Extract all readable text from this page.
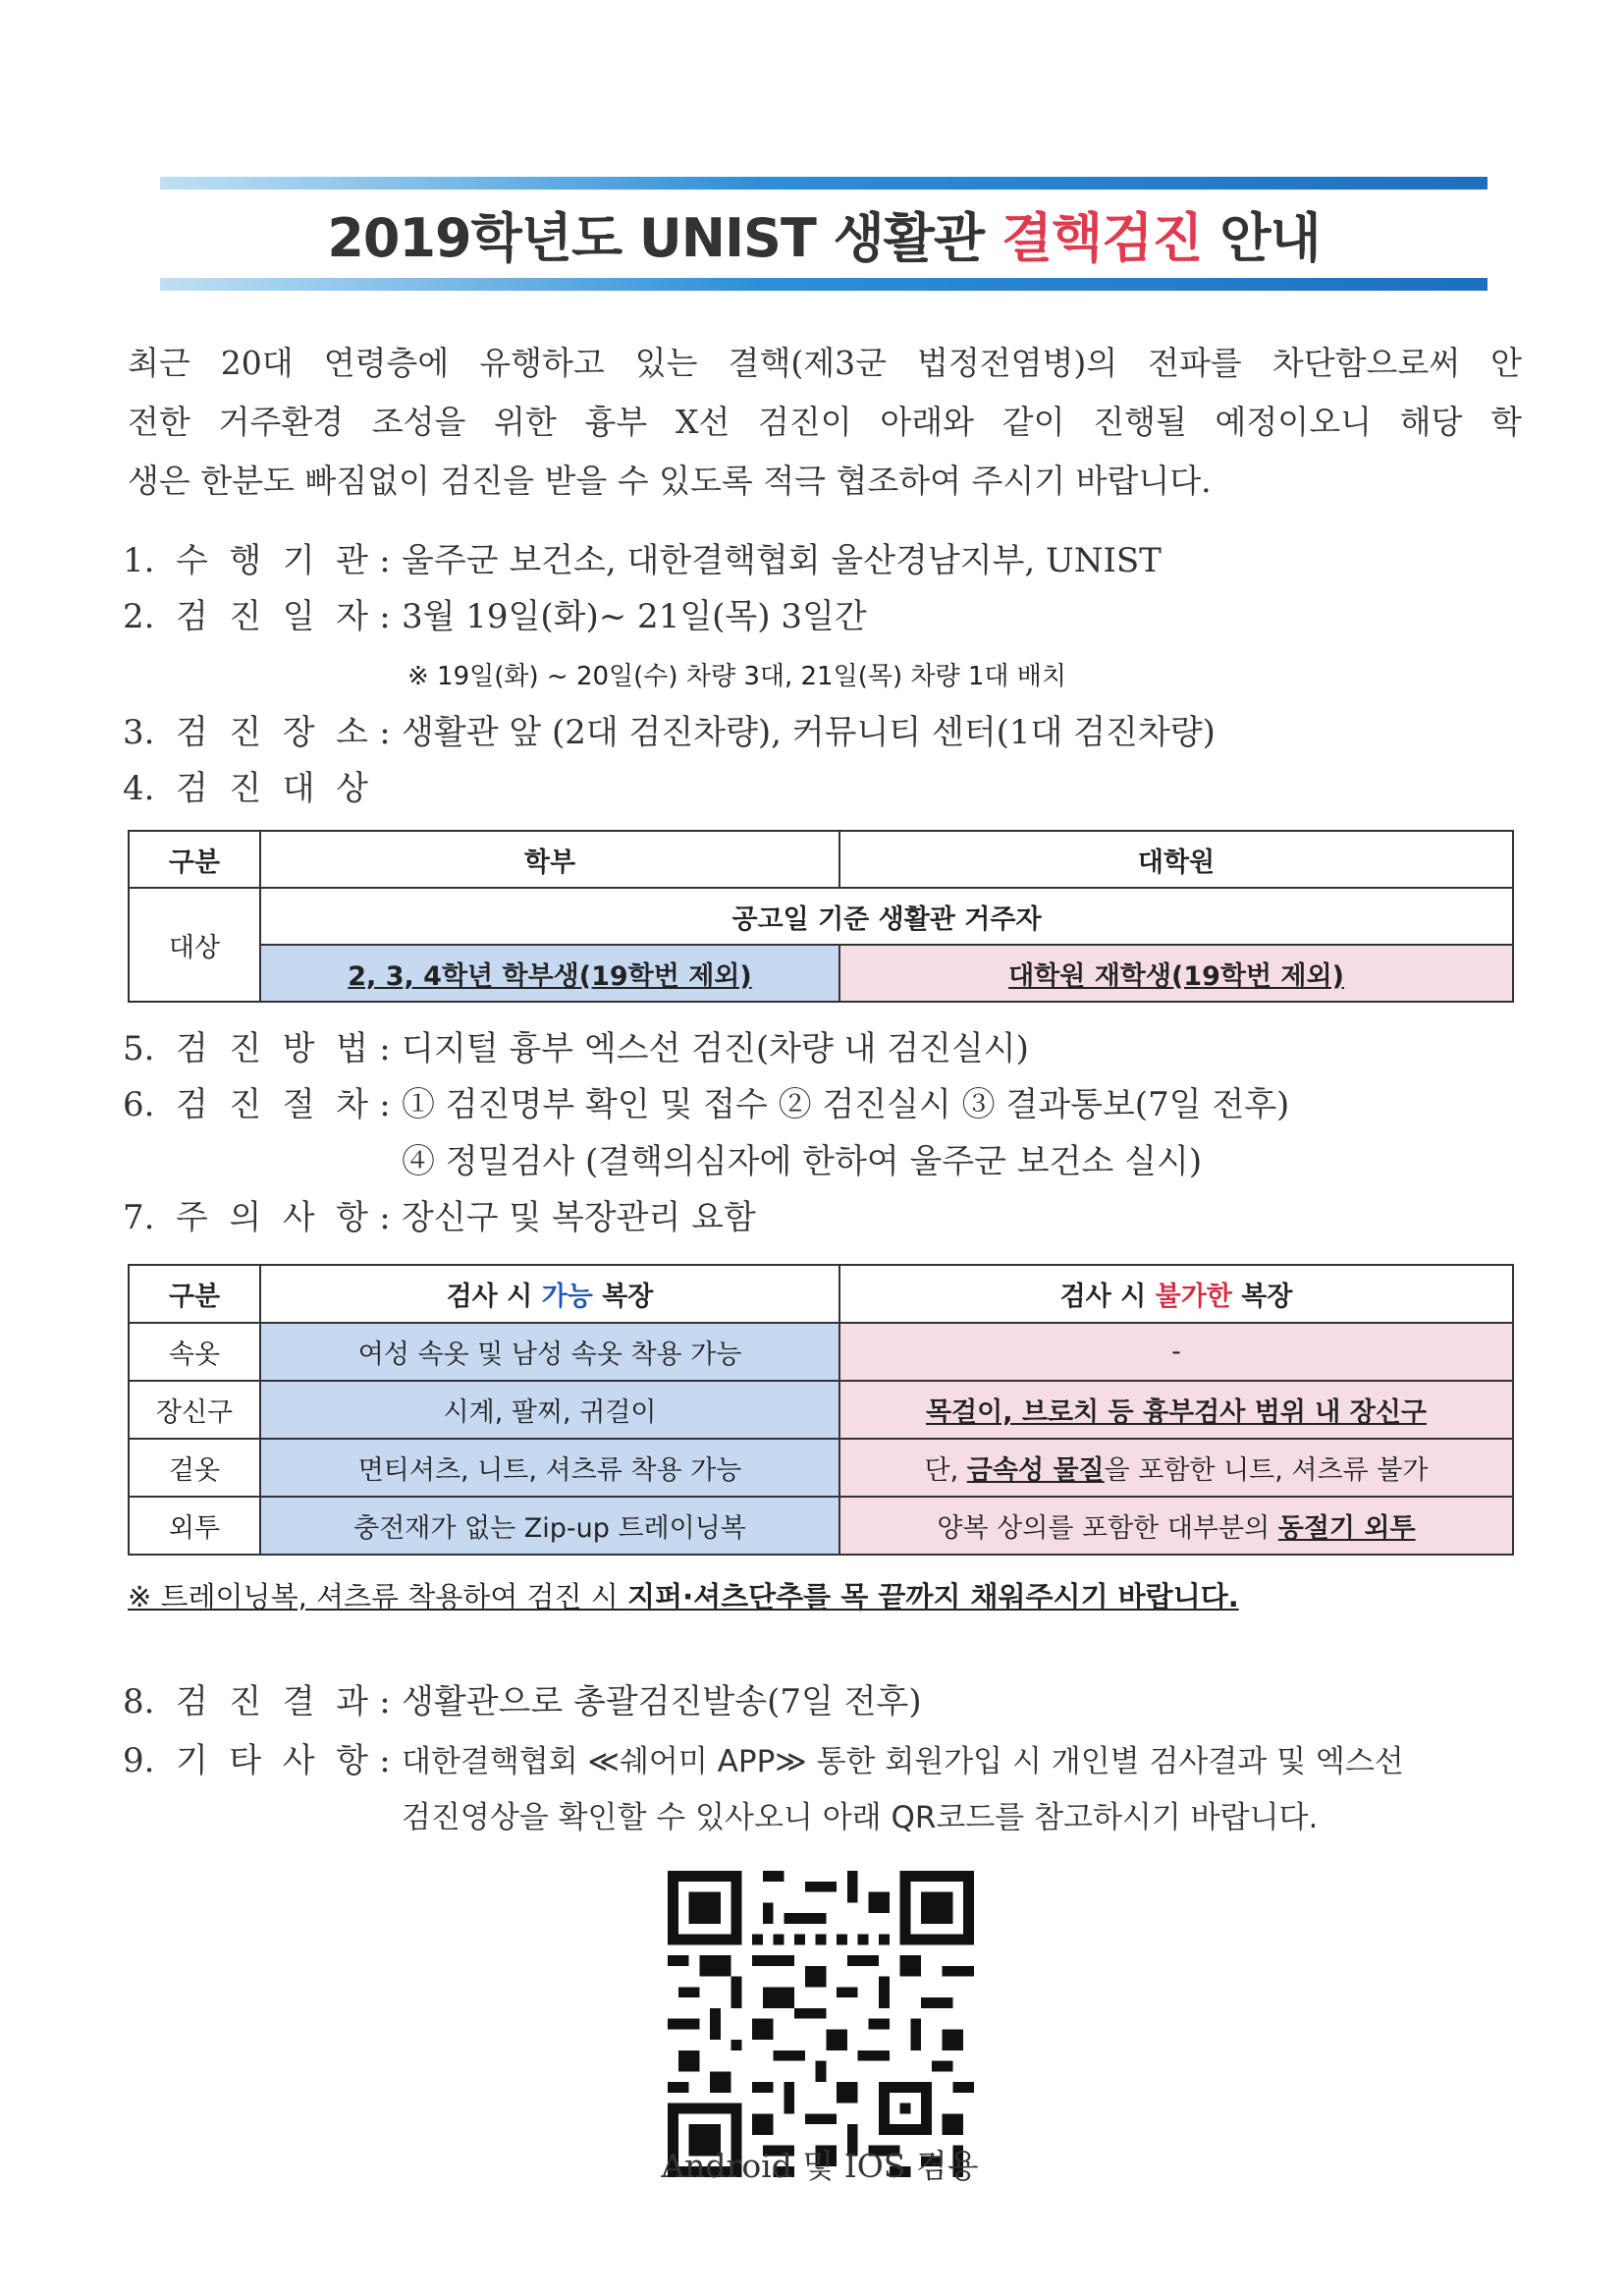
2019학년도 UNIST 생활관 결핵검진 안내
최근 20대 연령층에 유행하고 있는 결핵(제3군 법정전염병)의 전파를 차단함으로써 안
전한 거주환경 조성을 위한 흉부 X선 검진이 아래와 같이 진행될 예정이오니 해당 학
생은 한분도 빠짐없이 검진을 받을 수 있도록 적극 협조하여 주시기 바랍니다.
1. 수 행 기 관 : 울주군 보건소, 대한결핵협회 울산경남지부, UNIST
2. 검 진 일 자 : 3월 19일(화)~ 21일(목) 3일간
※ 19일(화) ~ 20일(수) 차량 3대, 21일(목) 차량 1대 배치
3. 검 진 장 소 : 생활관 앞 (2대 검진차량), 커뮤니티 센터(1대 검진차량)
4. 검 진 대 상
구분	학부	대학원
대상	공고일 기준 생활관 거주자	
	2, 3, 4학년 학부생(19학번 제외)	대학원 재학생(19학번 제외)
5. 검 진 방 법 : 디지털 흉부 엑스선 검진(차량 내 검진실시)
6. 검 진 절 차 : ① 검진명부 확인 및 접수 ② 검진실시 ③ 결과통보(7일 전후)
④ 정밀검사 (결핵의심자에 한하여 울주군 보건소 실시)
7. 주 의 사 항 : 장신구 및 복장관리 요함
구분	검사 시 가능 복장	검사 시 불가한 복장
속옷	여성 속옷 및 남성 속옷 착용 가능	-
장신구	시계, 팔찌, 귀걸이	목걸이, 브로치 등 흉부검사 범위 내 장신구
겉옷	면티셔츠, 니트, 셔츠류 착용 가능	단, 금속성 물질을 포함한 니트, 셔츠류 불가
외투	충전재가 없는 Zip-up 트레이닝복	양복 상의를 포함한 대부분의 동절기 외투
※ 트레이닝복, 셔츠류 착용하여 검진 시 지퍼·셔츠단추를 목 끝까지 채워주시기 바랍니다.
8. 검 진 결 과 : 생활관으로 총괄검진발송(7일 전후)
9. 기 타 사 항 : 대한결핵협회 ≪쉐어미 APP≫ 통한 회원가입 시 개인별 검사결과 및 엑스선
검진영상을 확인할 수 있사오니 아래 QR코드를 참고하시기 바랍니다.
Android 및 IOS 겸용
